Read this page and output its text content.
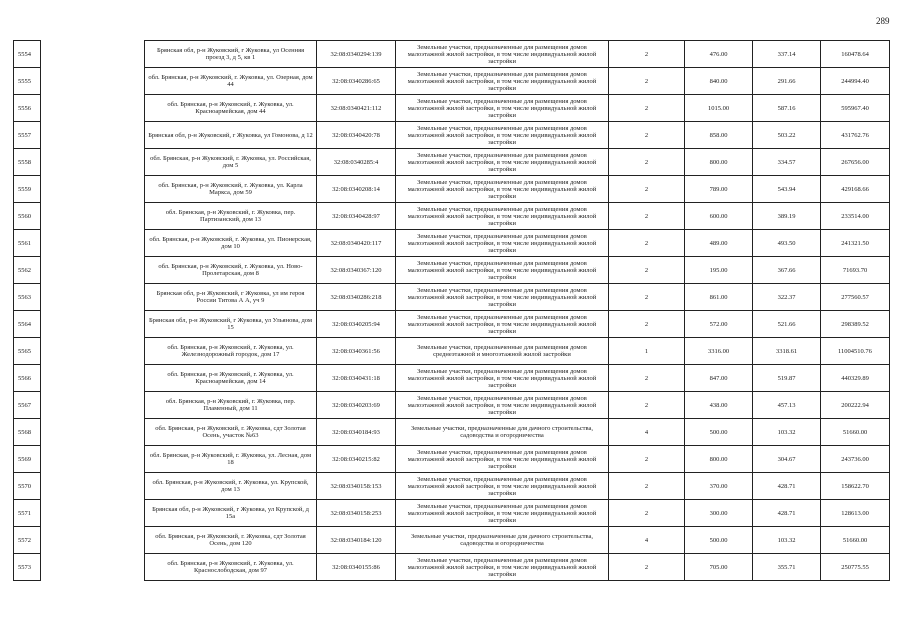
289
5554		Брянская обл, р-н Жуковский, г Жуковка, ул Осенняя проезд 3, д 5, кв 1	32:08:0340294:139	Земельные участки, предназначенные для размещения домов малоэтажной жилой застройки, в том числе индивидуальной жилой застройки	2	476.00	337.14	160478.64
5555		обл. Брянская, р-н Жуковский, г. Жуковка, ул. Озерная, дом 44	32:08:0340286:65	Земельные участки, предназначенные для размещения домов малоэтажной жилой застройки, в том числе индивидуальной жилой застройки	2	840.00	291.66	244994.40
5556		обл. Брянская, р-н Жуковский, г. Жуковка, ул. Красноармейская, дом 44	32:08:0340421:112	Земельные участки, предназначенные для размещения домов малоэтажной жилой застройки, в том числе индивидуальной жилой застройки	2	1015.00	587.16	595967.40
5557		Брянская обл, р-н Жуковский, г Жуковка, ул Гомонова, д 12	32:08:0340420:78	Земельные участки, предназначенные для размещения домов малоэтажной жилой застройки, в том числе индивидуальной жилой застройки	2	858.00	503.22	431762.76
5558		обл. Брянская, р-н Жуковский, г. Жуковка, ул. Российская, дом 5	32:08:0340285:4	Земельные участки, предназначенные для размещения домов малоэтажной жилой застройки, в том числе индивидуальной жилой застройки	2	800.00	334.57	267656.00
5559		обл. Брянская, р-н Жуковский, г. Жуковка, ул. Карла Маркса, дом 59	32:08:0340208:14	Земельные участки, предназначенные для размещения домов малоэтажной жилой застройки, в том числе индивидуальной жилой застройки	2	789.00	543.94	429168.66
5560		обл. Брянская, р-н Жуковский, г. Жуковка, пер. Партизанский, дом 13	32:08:0340428:97	Земельные участки, предназначенные для размещения домов малоэтажной жилой застройки, в том числе индивидуальной жилой застройки	2	600.00	389.19	233514.00
5561		обл. Брянская, р-н Жуковский, г. Жуковка, ул. Пионерская, дом 10	32:08:0340420:117	Земельные участки, предназначенные для размещения домов малоэтажной жилой застройки, в том числе индивидуальной жилой застройки	2	489.00	493.50	241321.50
5562		обл. Брянская, р-н Жуковский, г. Жуковка, ул. Ново-Пролетарская, дом 8	32:08:0340367:120	Земельные участки, предназначенные для размещения домов малоэтажной жилой застройки, в том числе индивидуальной жилой застройки	2	195.00	367.66	71693.70
5563		Брянская обл, р-н Жуковский, г Жуковка, ул им героя России Титова А А, уч 9	32:08:0340286:218	Земельные участки, предназначенные для размещения домов малоэтажной жилой застройки, в том числе индивидуальной жилой застройки	2	861.00	322.37	277560.57
5564		Брянская обл, р-н Жуковский, г Жуковка, ул Ульянова, дом 15	32:08:0340205:94	Земельные участки, предназначенные для размещения домов малоэтажной жилой застройки, в том числе индивидуальной жилой застройки	2	572.00	521.66	298389.52
5565		обл. Брянская, р-н Жуковский, г. Жуковка, ул. Железнодорожный городок, дом 17	32:08:0340361:56	Земельные участки, предназначенные для размещения домов среднеэтажной и многоэтажной жилой застройки	1	3316.00	3318.61	11004510.76
5566		обл. Брянская, р-н Жуковский, г. Жуковка, ул. Красноармейская, дом 14	32:08:0340431:18	Земельные участки, предназначенные для размещения домов малоэтажной жилой застройки, в том числе индивидуальной жилой застройки	2	847.00	519.87	440329.89
5567		обл. Брянская, р-н Жуковский, г. Жуковка, пер. Пламенный, дом 11	32:08:0340203:69	Земельные участки, предназначенные для размещения домов малоэтажной жилой застройки, в том числе индивидуальной жилой застройки	2	438.00	457.13	200222.94
5568		обл. Брянская, р-н Жуковский, г. Жуковка, сдт Золотая Осень, участок №63	32:08:0340184:93	Земельные участки, предназначенные для дачного строительства, садоводства и огородничества	4	500.00	103.32	51660.00
5569		обл. Брянская, р-н Жуковский, г. Жуковка, ул. Лесная, дом 18	32:08:0340215:82	Земельные участки, предназначенные для размещения домов малоэтажной жилой застройки, в том числе индивидуальной жилой застройки	2	800.00	304.67	243736.00
5570		обл. Брянская, р-н Жуковский, г. Жуковка, ул. Крупской, дом 13	32:08:0340158:153	Земельные участки, предназначенные для размещения домов малоэтажной жилой застройки, в том числе индивидуальной жилой застройки	2	370.00	428.71	158622.70
5571		Брянская обл, р-н Жуковский, г Жуковка, ул Крупской, д 15а	32:08:0340158:253	Земельные участки, предназначенные для размещения домов малоэтажной жилой застройки, в том числе индивидуальной жилой застройки	2	300.00	428.71	128613.00
5572		обл. Брянская, р-н Жуковский, г. Жуковка, сдт Золотая Осень, дом 120	32:08:0340184:120	Земельные участки, предназначенные для дачного строительства, садоводства и огородничества	4	500.00	103.32	51660.00
5573		обл. Брянская, р-н Жуковский, г. Жуковка, ул. Краснослободская, дом 97	32:08:0340155:86	Земельные участки, предназначенные для размещения домов малоэтажной жилой застройки, в том числе индивидуальной жилой застройки	2	705.00	355.71	250775.55
